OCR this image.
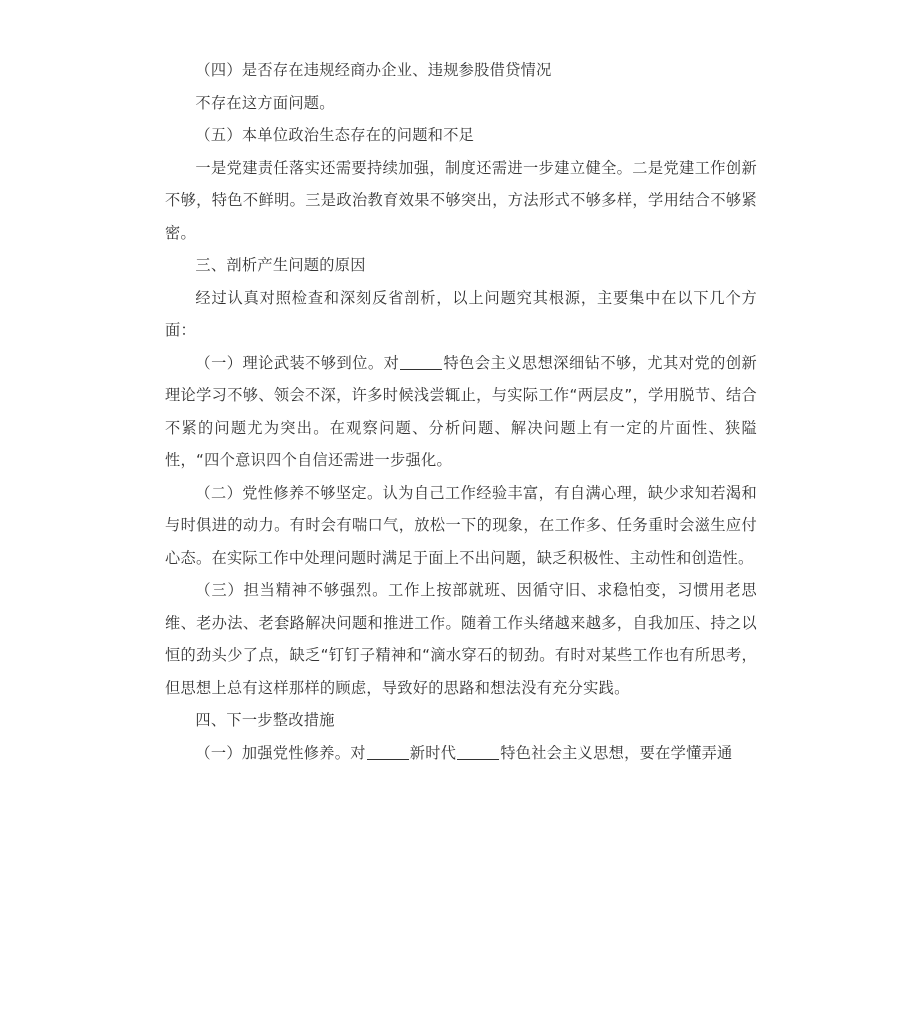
（四）是否存在违规经商办企业、违规参股借贷情况

不存在这方面问题。

（五）本单位政治生态存在的问题和不足

一是党建责任落实还需要持续加强，制度还需进一步建立健全。二是党建工作创新不够，特色不鲜明。三是政治教育效果不够突出，方法形式不够多样，学用结合不够紧密。

三、剖析产生问题的原因

经过认真对照检查和深刻反省剖析，以上问题究其根源，主要集中在以下几个方面：

（一）理论武装不够到位。对	特色会主义思想深细钻不够，尤其对党的创新理论学习不够、领会不深，许多时候浅尝辄止，与实际工作“两层皮”，学用脱节、结合不紧的问题尤为突出。在观察问题、分析问题、解决问题上有一定的片面性、狭隘性，“四个意识四个自信还需进一步强化。

（二）党性修养不够坚定。认为自己工作经验丰富，有自满心理，缺少求知若渴和与时俱进的动力。有时会有喘口气，放松一下的现象，在工作多、任务重时会滋生应付心态。在实际工作中处理问题时满足于面上不出问题，缺乏积极性、主动性和创造性。

（三）担当精神不够强烈。工作上按部就班、因循守旧、求稳怕变，习惯用老思维、老办法、老套路解决问题和推进工作。随着工作头绪越来越多，自我加压、持之以恒的劲头少了点，缺乏“钉钉子精神和“滴水穿石的韧劲。有时对某些工作也有所思考，但思想上总有这样那样的顾虑，导致好的思路和想法没有充分实践。

四、下一步整改措施

（一）加强党性修养。对	新时代	特色社会主义思想，要在学懂弄通
